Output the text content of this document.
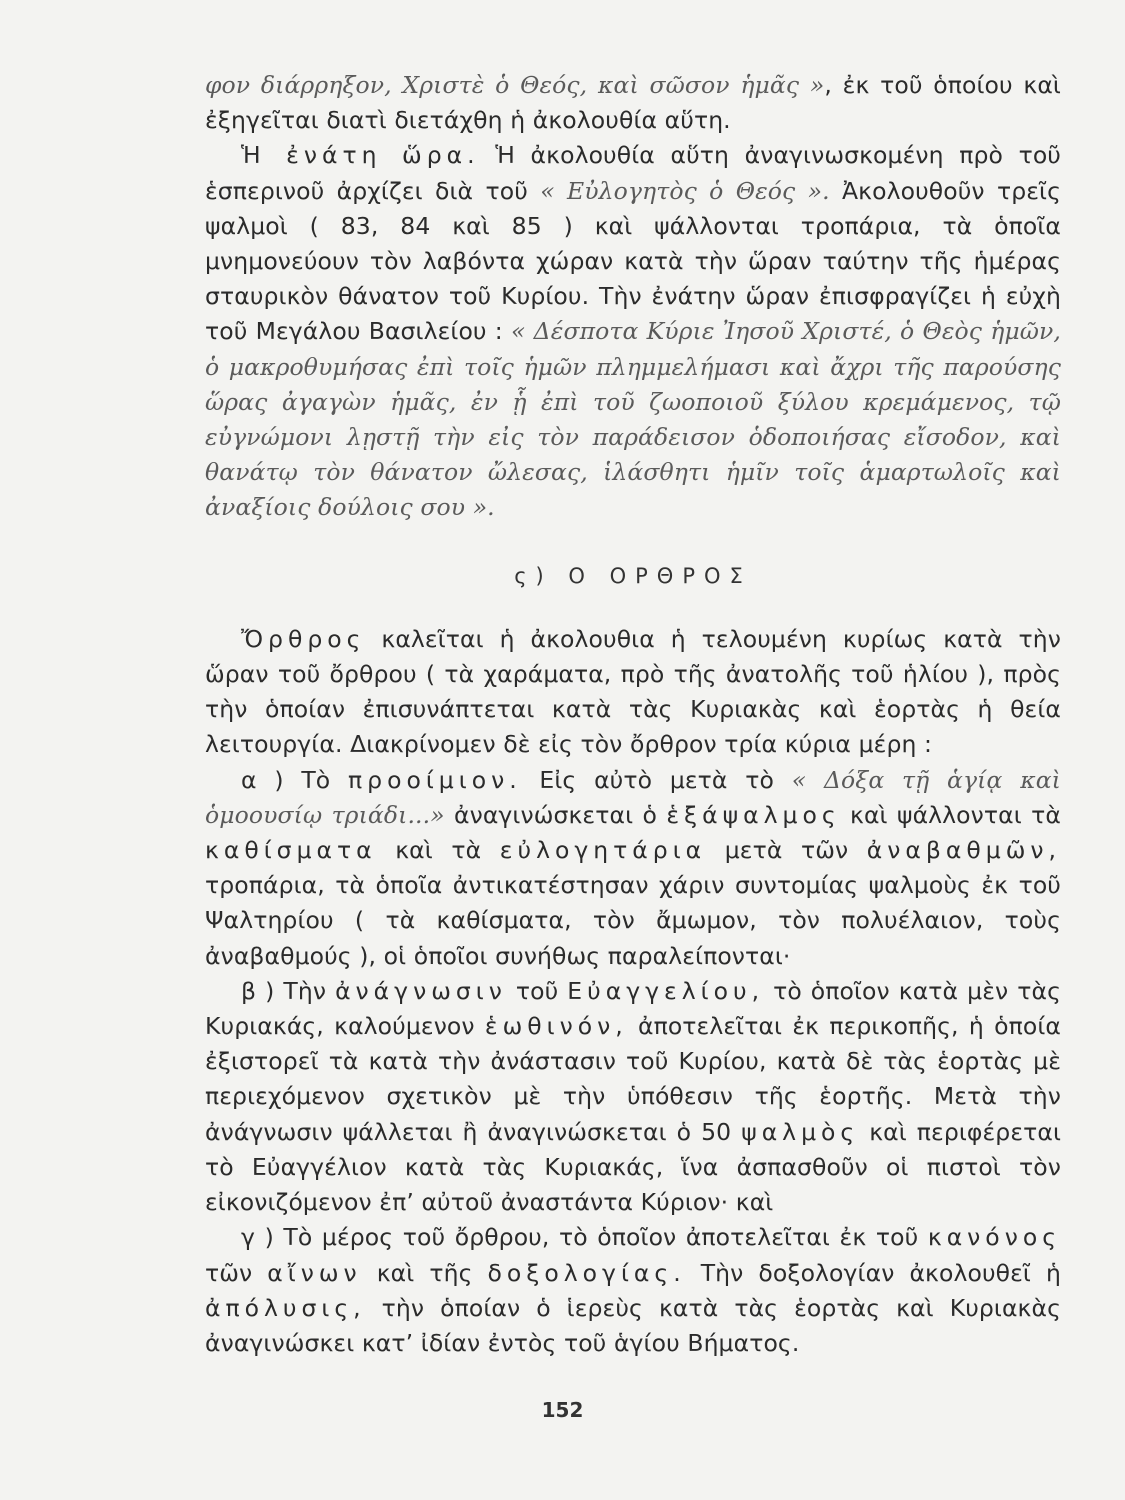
φον διάρρηξον, Χριστὲ ὁ Θεός, καὶ σῶσον ἡμᾶς », ἐκ τοῦ ὁποίου καὶ ἐξηγεῖται διατὶ διετάχθη ἡ ἀκολουθία αὕτη.

Ἡ ἐνάτη ὥρα. Ἡ ἀκολουθία αὕτη ἀναγινωσκομένη πρὸ τοῦ ἑσπερινοῦ ἀρχίζει διὰ τοῦ « Εὐλογητὸς ὁ Θεός ». Ἀκολουθοῦν τρεῖς ψαλμοὶ ( 83, 84 καὶ 85 ) καὶ ψάλλονται τροπάρια, τὰ ὁποῖα μνημονεύουν τὸν λαβόντα χώραν κατὰ τὴν ὥραν ταύτην τῆς ἡμέρας σταυρικὸν θάνατον τοῦ Κυρίου. Τὴν ἐνάτην ὥραν ἐπισφραγίζει ἡ εὐχὴ τοῦ Μεγάλου Βασιλείου : « Δέσποτα Κύριε Ἰησοῦ Χριστέ, ὁ Θεὸς ἡμῶν, ὁ μακροθυμήσας ἐπὶ τοῖς ἡμῶν πλημμελήμασι καὶ ἄχρι τῆς παρούσης ὥρας ἀγαγὼν ἡμᾶς, ἐν ᾗ ἐπὶ τοῦ ζωοποιοῦ ξύλου κρεμάμενος, τῷ εὐγνώμονι λῃστῇ τὴν εἰς τὸν παράδεισον ὁδοποιήσας εἴσοδον, καὶ θανάτῳ τὸν θάνατον ὤλεσας, ἱλάσθητι ἡμῖν τοῖς ἁμαρτωλοῖς καὶ ἀναξίοις δούλοις σου ».

ς) Ο ΟΡΘΡΟΣ

Ὄρθρος καλεῖται ἡ ἀκολουθια ἡ τελουμένη κυρίως κατὰ τὴν ὥραν τοῦ ὄρθρου ( τὰ χαράματα, πρὸ τῆς ἀνατολῆς τοῦ ἡλίου ), πρὸς τὴν ὁποίαν ἐπισυνάπτεται κατὰ τὰς Κυριακὰς καὶ ἑορτὰς ἡ θεία λειτουργία. Διακρίνομεν δὲ εἰς τὸν ὄρθρον τρία κύρια μέρη :

α ) Τὸ προοίμιον. Εἰς αὐτὸ μετὰ τὸ « Δόξα τῇ ἁγίᾳ καὶ ὁμοουσίῳ τριάδι...» ἀναγινώσκεται ὁ ἑξάψαλμος καὶ ψάλλονται τὰ καθίσματα καὶ τὰ εὐλογητάρια μετὰ τῶν ἀναβαθμῶν, τροπάρια, τὰ ὁποῖα ἀντικατέστησαν χάριν συντομίας ψαλμοὺς ἐκ τοῦ Ψαλτηρίου ( τὰ καθίσματα, τὸν ἄμωμον, τὸν πολυέλαιον, τοὺς ἀναβαθμούς ), οἱ ὁποῖοι συνήθως παραλείπονται·

β ) Τὴν ἀνάγνωσιν τοῦ Εὐαγγελίου, τὸ ὁποῖον κατὰ μὲν τὰς Κυριακάς, καλούμενον ἑωθινόν, ἀποτελεῖται ἐκ περικοπῆς, ἡ ὁποία ἐξιστορεῖ τὰ κατὰ τὴν ἀνάστασιν τοῦ Κυρίου, κατὰ δὲ τὰς ἑορτὰς μὲ περιεχόμενον σχετικὸν μὲ τὴν ὑπόθεσιν τῆς ἑορτῆς. Μετὰ τὴν ἀνάγνωσιν ψάλλεται ἢ ἀναγινώσκεται ὁ 50 ψαλμὸς καὶ περιφέρεται τὸ Εὐαγγέλιον κατὰ τὰς Κυριακάς, ἵνα ἀσπασθοῦν οἱ πιστοὶ τὸν εἰκονιζόμενον ἐπ’ αὐτοῦ ἀναστάντα Κύριον· καὶ

γ ) Τὸ μέρος τοῦ ὄρθρου, τὸ ὁποῖον ἀποτελεῖται ἐκ τοῦ κανόνος τῶν αἴνων καὶ τῆς δοξολογίας. Τὴν δοξολογίαν ἀκολουθεῖ ἡ ἀπόλυσις, τὴν ὁποίαν ὁ ἱερεὺς κατὰ τὰς ἑορτὰς καὶ Κυριακὰς ἀναγινώσκει κατ’ ἰδίαν ἐντὸς τοῦ ἁγίου Βήματος.

152
